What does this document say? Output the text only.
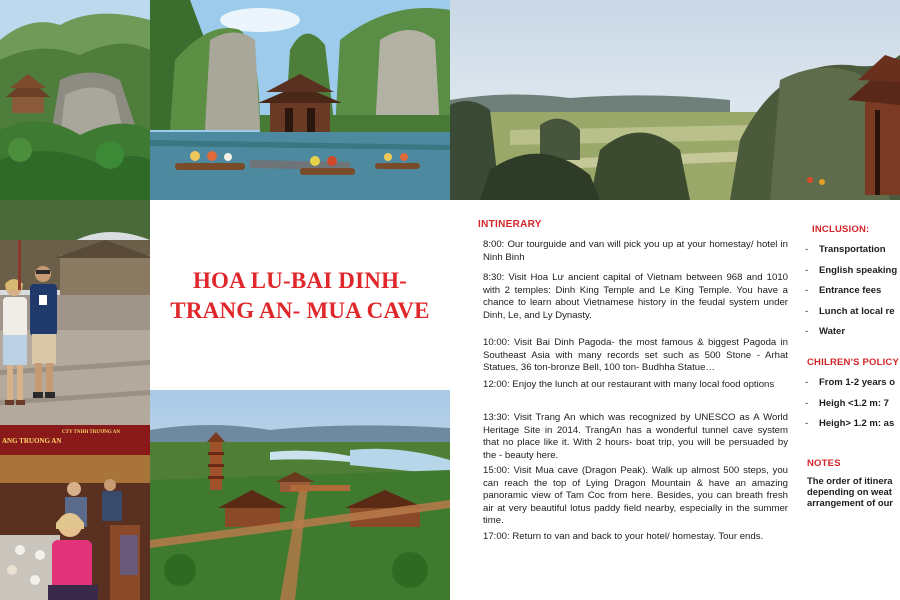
ANG TRUONG AN
CTY TNHH TRƯƠNG AN
HOA LU-BAI DINH-
TRANG AN- MUA CAVE
INTINERARY
8:00: Our tourguide and van will pick you up at your homestay/ hotel in Ninh Binh
8:30: Visit Hoa Lư ancient capital of Vietnam between 968 and 1010 with 2 temples: Dinh King Temple and Le King Temple. You have a chance to learn about Vietnamese history in the feudal system under Dinh, Le, and Ly Dynasty.
10:00: Visit Bai Dinh Pagoda- the most famous & biggest Pagoda in Southeast Asia with many records set such as 500 Stone - Arhat Statues, 36 ton-bronze Bell, 100 ton- Budhha Statue…
12:00: Enjoy the lunch at our restaurant with many local food options
13:30: Visit Trang An which was recognized by UNESCO as A World Heritage Site in 2014. TrangAn has a wonderful tunnel cave system that no place like it. With 2 hours- boat trip, you will be persuaded by the - beauty here.
15:00: Visit Mua cave (Dragon Peak). Walk up almost 500 steps, you can reach the top of Lying Dragon Mountain & have an amazing panoramic view of Tam Coc from here. Besides, you can breath fresh air at very beautiful lotus paddy field nearby, especially in the summer time.
17:00: Return to van and back to your hotel/ homestay. Tour ends.
INCLUSION:
- Transportation
- English speaking
- Entrance fees
- Lunch at local re
- Water
CHILREN'S POLICY
- From 1-2 years o
- Heigh <1.2 m: 7
- Heigh> 1.2 m: as
NOTES
The order of itinera
depending on weat
arrangement of our
